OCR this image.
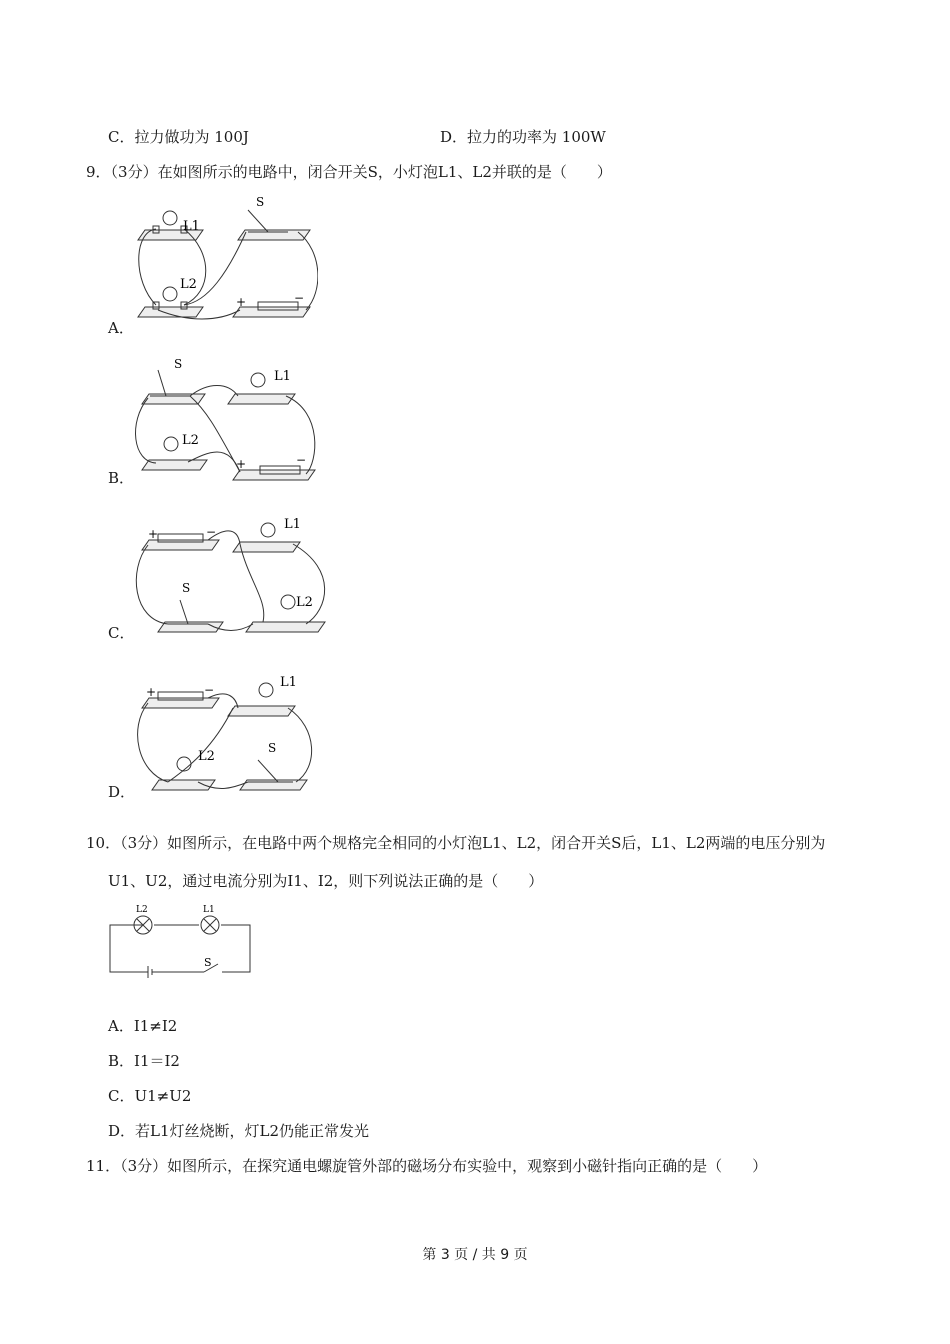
C．拉力做功为 100J	D．拉力的功率为 100W
9．（3分）在如图所示的电路中，闭合开关S，小灯泡L1、L2并联的是（　　）
L1
L2
S
+	−
A．
S
L1
L2
+	−
B．
+	−	L1
L2
S
C．
+	−	L1
L2
S
D．
10．（3分）如图所示，在电路中两个规格完全相同的小灯泡L1、L2，闭合开关S后，L1、L2两端的电压分别为
U1、U2，通过电流分别为I1、I2，则下列说法正确的是（　　）
L2	L1
S
A．I1≠I2
B．I1＝I2
C．U1≠U2
D．若L1灯丝烧断，灯L2仍能正常发光
11．（3分）如图所示，在探究通电螺旋管外部的磁场分布实验中，观察到小磁针指向正确的是（　　）
第 3 页 / 共 9 页
